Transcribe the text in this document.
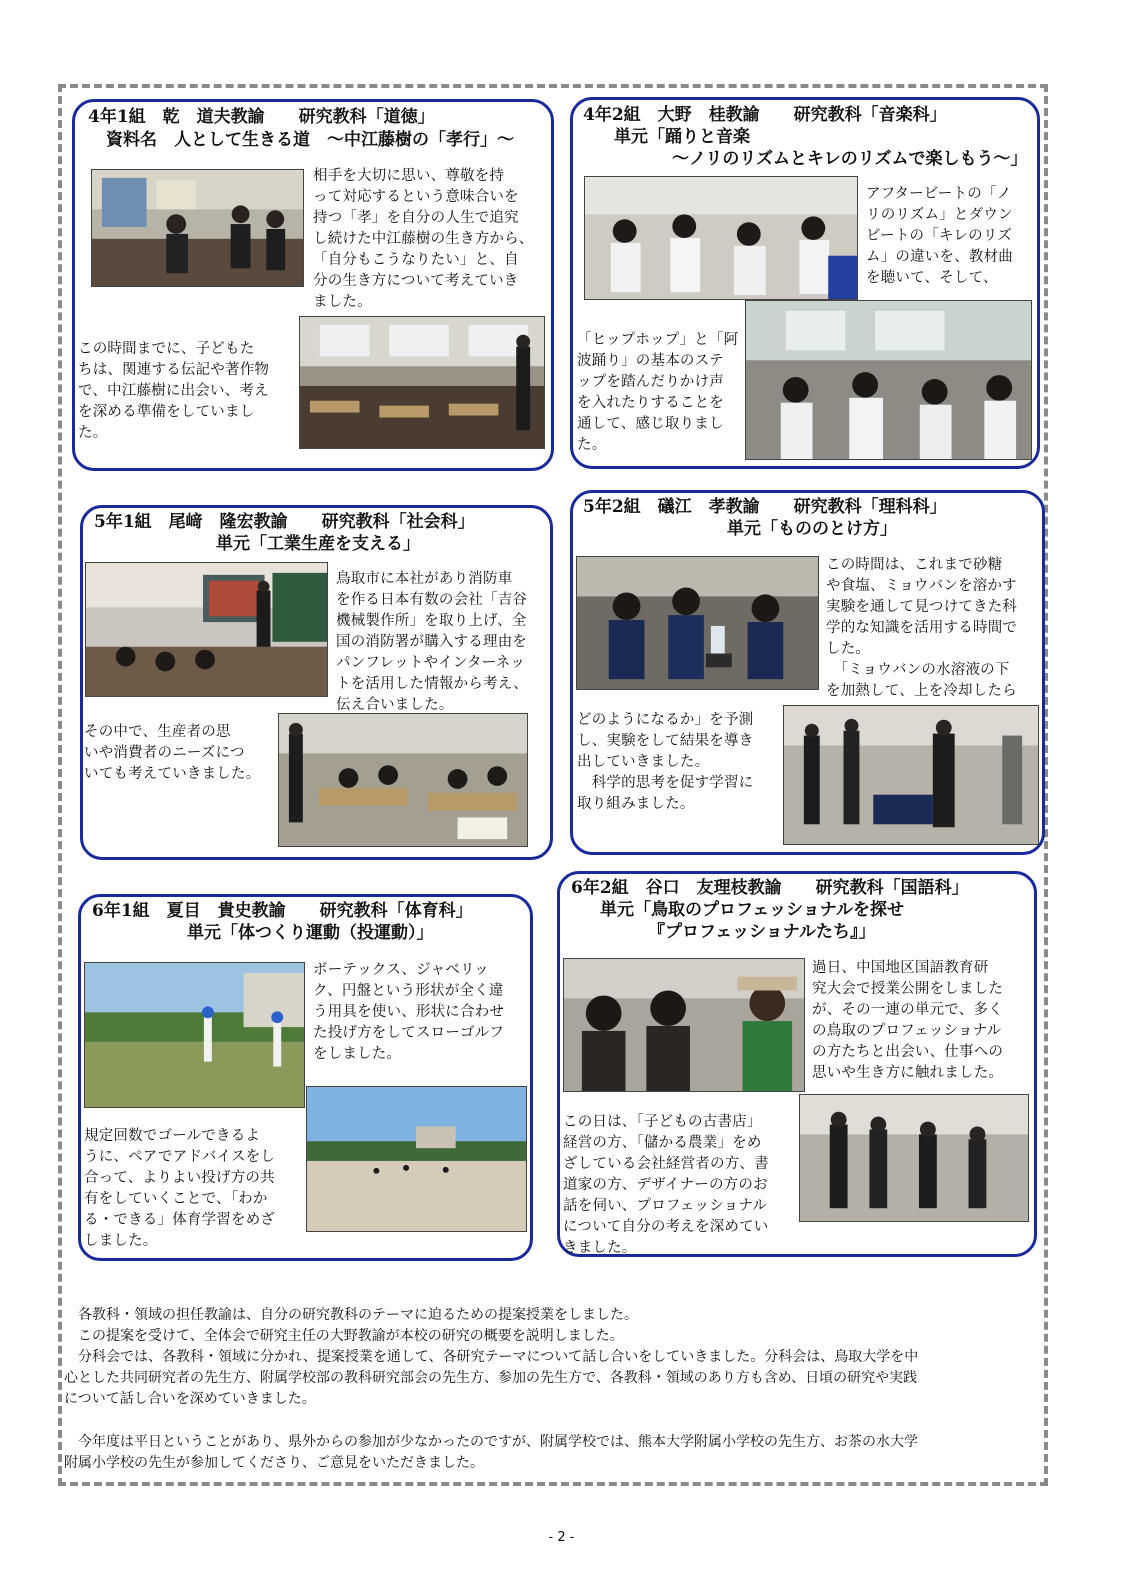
4年1組　乾　道夫教諭　　研究教科「道徳」
資料名　人として生きる道　～中江藤樹の「孝行」～
相手を大切に思い、尊敬を持
って対応するという意味合いを
持つ「孝」を自分の人生で追究
し続けた中江藤樹の生き方から、
「自分もこうなりたい」と、自
分の生き方について考えていき
ました。
この時間までに、子どもた
ちは、関連する伝記や著作物
で、中江藤樹に出会い、考え
を深める準備をしていまし
た。
4年2組　大野　桂教諭　　研究教科「音楽科」
単元「踊りと音楽
～ノリのリズムとキレのリズムで楽しもう～」
アフタービートの「ノ
リのリズム」とダウン
ビートの「キレのリズ
ム」の違いを、教材曲
を聴いて、そして、
「ヒップホップ」と「阿
波踊り」の基本のステ
ップを踏んだりかけ声
を入れたりすることを
通して、感じ取りまし
た。
5年1組　尾﨑　隆宏教諭　　研究教科「社会科」
単元「工業生産を支える」
鳥取市に本社があり消防車
を作る日本有数の会社「吉谷
機械製作所」を取り上げ、全
国の消防署が購入する理由を
パンフレットやインターネッ
トを活用した情報から考え、
伝え合いました。
その中で、生産者の思
いや消費者のニーズにつ
いても考えていきました。
5年2組　礒江　孝教諭　　研究教科「理科科」
単元「もののとけ方」
この時間は、これまで砂糖
や食塩、ミョウバンを溶かす
実験を通して見つけてきた科
学的な知識を活用する時間で
した。
　「ミョウバンの水溶液の下
を加熱して、上を冷却したら
どのようになるか」を予測
し、実験をして結果を導き
出していきました。
　科学的思考を促す学習に
取り組みました。
6年1組　夏目　貴史教諭　　研究教科「体育科」
単元「体つくり運動（投運動）」
ボーテックス、ジャベリッ
ク、円盤という形状が全く違
う用具を使い、形状に合わせ
た投げ方をしてスローゴルフ
をしました。
規定回数でゴールできるよ
うに、ペアでアドバイスをし
合って、よりよい投げ方の共
有をしていくことで、「わか
る・できる」体育学習をめざ
しました。
6年2組　谷口　友理枝教諭　　研究教科「国語科」
単元「鳥取のプロフェッショナルを探せ
『プロフェッショナルたち』」
過日、中国地区国語教育研
究大会で授業公開をしました
が、その一連の単元で、多く
の鳥取のプロフェッショナル
の方たちと出会い、仕事への
思いや生き方に触れました。
この日は、「子どもの古書店」
経営の方、「儲かる農業」をめ
ざしている会社経営者の方、書
道家の方、デザイナーの方のお
話を伺い、プロフェッショナル
について自分の考えを深めてい
きました。
　各教科・領域の担任教諭は、自分の研究教科のテーマに迫るための提案授業をしました。
　この提案を受けて、全体会で研究主任の大野教諭が本校の研究の概要を説明しました。
　分科会では、各教科・領域に分かれ、提案授業を通して、各研究テーマについて話し合いをしていきました。分科会は、鳥取大学を中
心とした共同研究者の先生方、附属学校部の教科研究部会の先生方、参加の先生方で、各教科・領域のあり方も含め、日頃の研究や実践
について話し合いを深めていきました。
　今年度は平日ということがあり、県外からの参加が少なかったのですが、附属学校では、熊本大学附属小学校の先生方、お茶の水大学
附属小学校の先生が参加してくださり、ご意見をいただきました。
- 2 -
